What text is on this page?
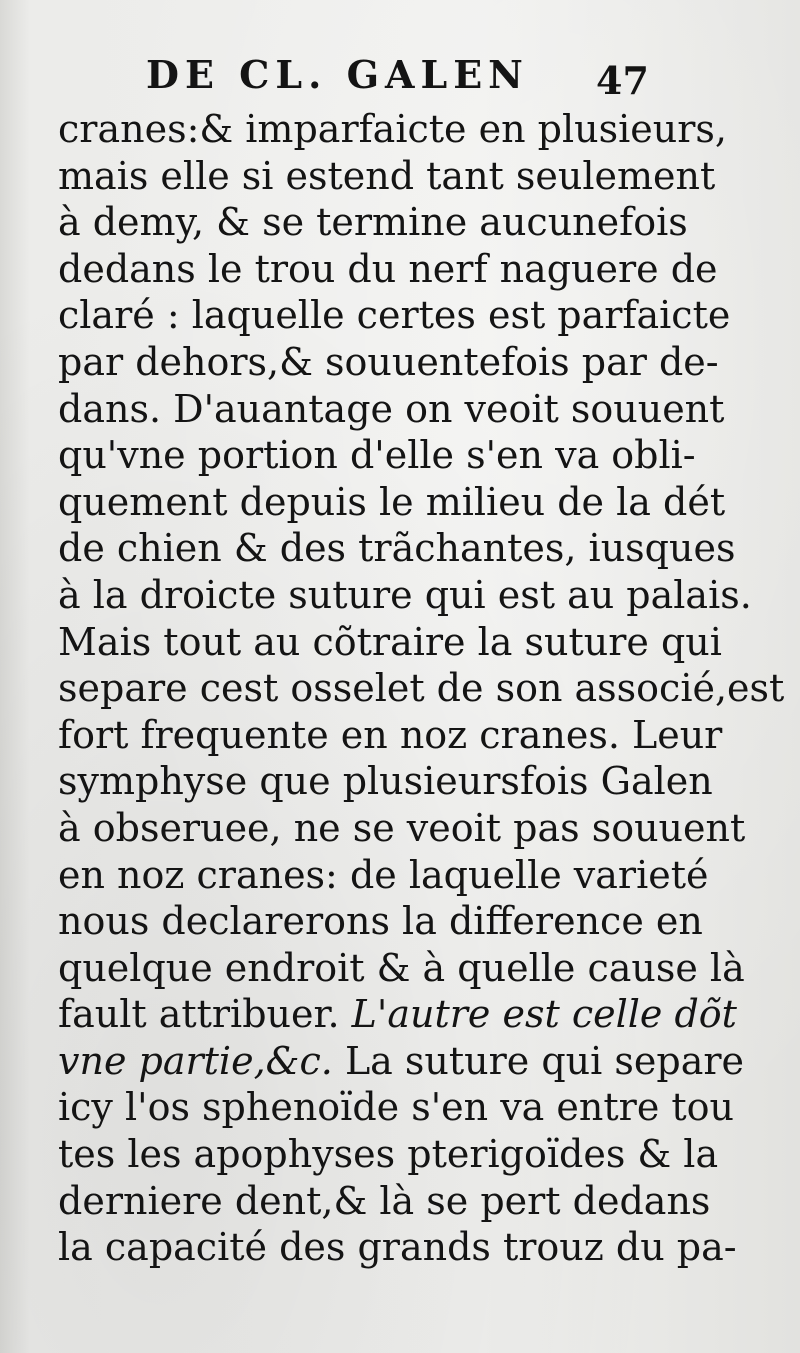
DE CL. GALEN 47
cranes:& imparfaicte en plusieurs,
mais elle si estend tant seulement
à demy, & se termine aucunefois
dedans le trou du nerf naguere de
claré : laquelle certes est parfaicte
par dehors,& souuentefois par de-
dans. D'auantage on veoit souuent
qu'vne portion d'elle s'en va obli-
quement depuis le milieu de la dét
de chien & des trãchantes, iusques
à la droicte suture qui est au palais.
Mais tout au cõtraire la suture qui
separe cest osselet de son associé,est
fort frequente en noz cranes. Leur
symphyse que plusieursfois Galen
à obseruee, ne se veoit pas souuent
en noz cranes: de laquelle varieté
nous declarerons la difference en
quelque endroit & à quelle cause là
fault attribuer. L'autre est celle dõt
vne partie,&c. La suture qui separe
icy l'os sphenoïde s'en va entre tou
tes les apophyses pterigoïdes & la
derniere dent,& là se pert dedans
la capacité des grands trouz du pa-
